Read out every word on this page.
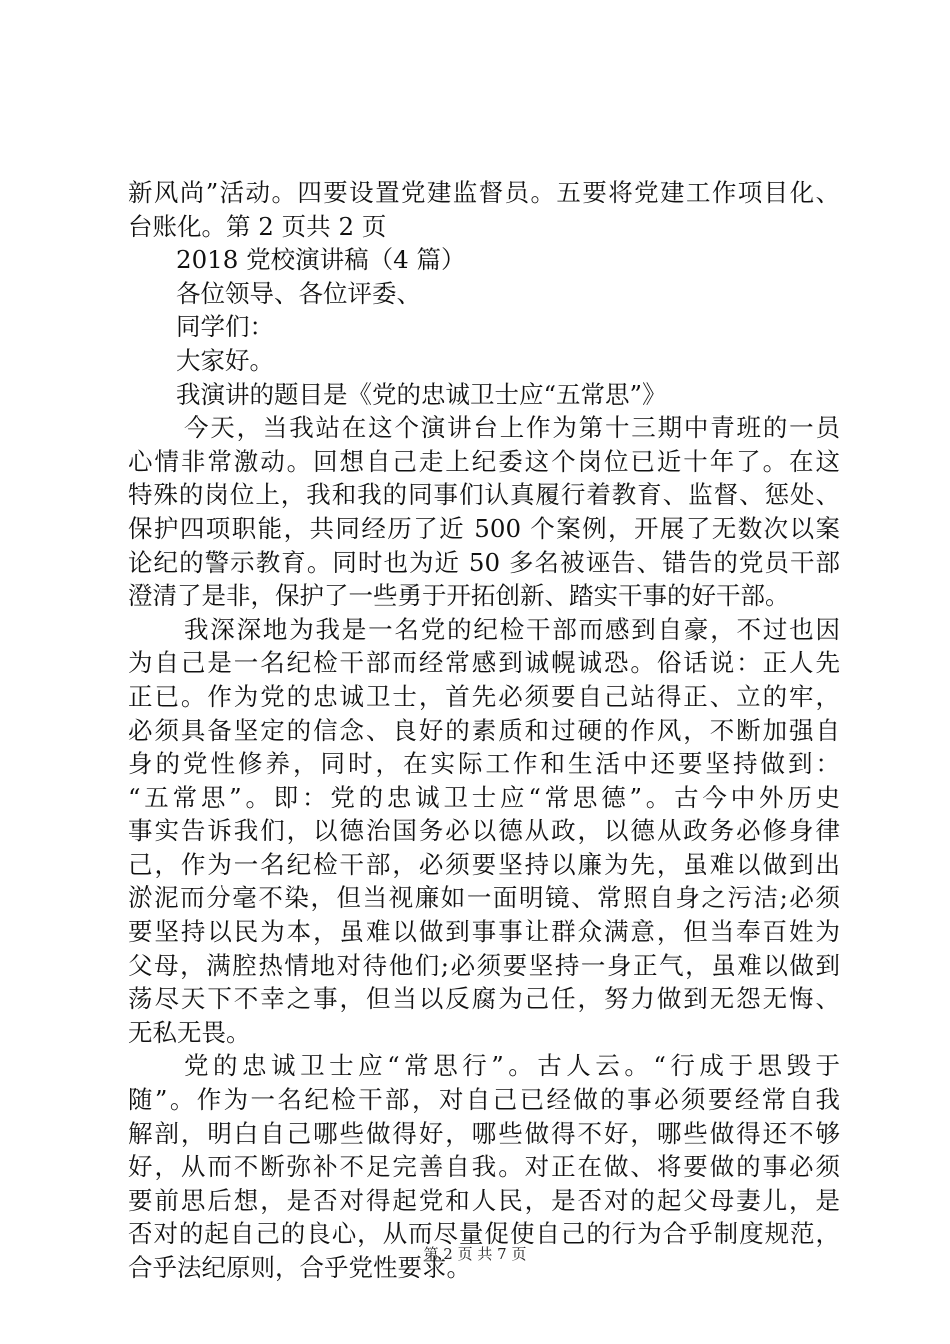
新风尚”活动。四要设置党建监督员。五要将党建工作项目化、
台账化。第 2 页共 2 页
2018 党校演讲稿（4 篇）
各位领导、各位评委、
同学们：
大家好。
我演讲的题目是《党的忠诚卫士应“五常思”》
今天，当我站在这个演讲台上作为第十三期中青班的一员
心情非常激动。回想自己走上纪委这个岗位已近十年了。在这
特殊的岗位上，我和我的同事们认真履行着教育、监督、惩处、
保护四项职能，共同经历了近 500 个案例，开展了无数次以案
论纪的警示教育。同时也为近 50 多名被诬告、错告的党员干部
澄清了是非，保护了一些勇于开拓创新、踏实干事的好干部。
我深深地为我是一名党的纪检干部而感到自豪，不过也因
为自己是一名纪检干部而经常感到诚幌诚恐。俗话说：正人先
正已。作为党的忠诚卫士，首先必须要自己站得正、立的牢，
必须具备坚定的信念、良好的素质和过硬的作风，不断加强自
身的党性修养，同时，在实际工作和生活中还要坚持做到：
“五常思”。即：党的忠诚卫士应“常思德”。古今中外历史
事实告诉我们，以德治国务必以德从政，以德从政务必修身律
己，作为一名纪检干部，必须要坚持以廉为先，虽难以做到出
淤泥而分毫不染，但当视廉如一面明镜、常照自身之污洁;必须
要坚持以民为本，虽难以做到事事让群众满意，但当奉百姓为
父母，满腔热情地对待他们;必须要坚持一身正气，虽难以做到
荡尽天下不幸之事，但当以反腐为己任，努力做到无怨无悔、
无私无畏。
党的忠诚卫士应“常思行”。古人云。“行成于思毁于
随”。作为一名纪检干部，对自己已经做的事必须要经常自我
解剖，明白自己哪些做得好，哪些做得不好，哪些做得还不够
好，从而不断弥补不足完善自我。对正在做、将要做的事必须
要前思后想，是否对得起党和人民，是否对的起父母妻儿，是
否对的起自己的良心，从而尽量促使自己的行为合乎制度规范，
合乎法纪原则，合乎党性要求。
第 2 页 共 7 页
